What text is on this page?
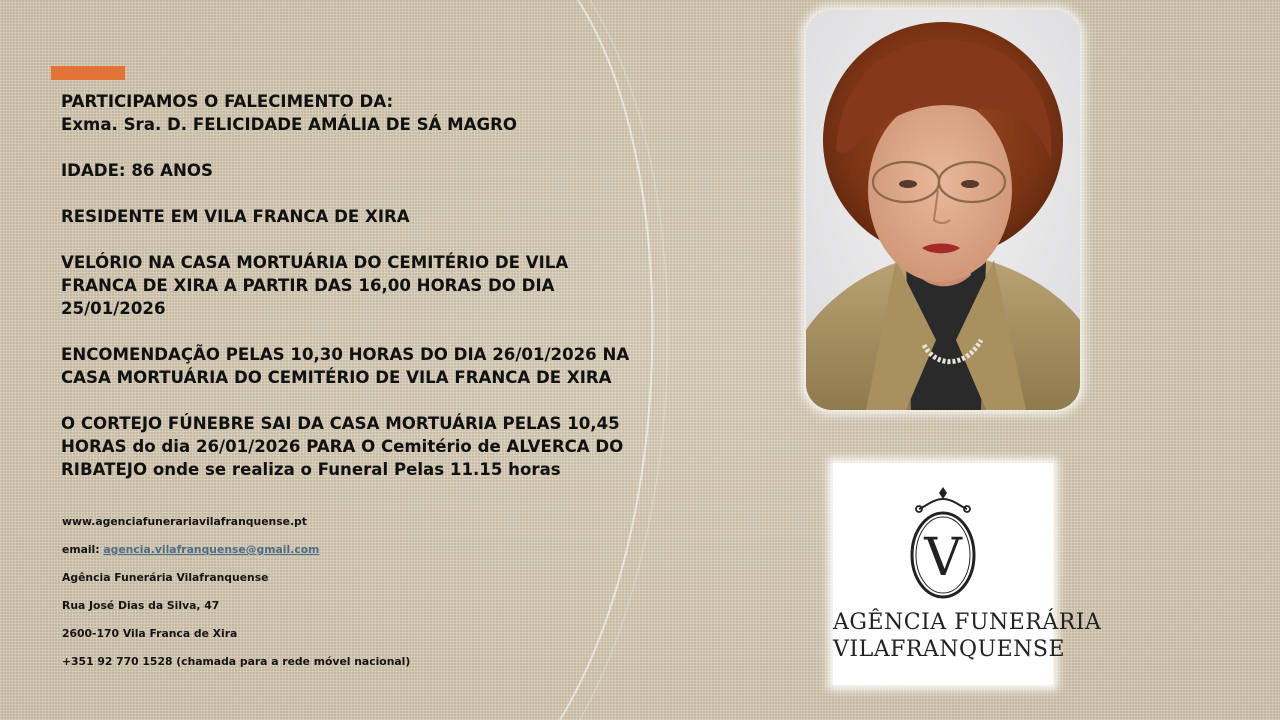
PARTICIPAMOS O FALECIMENTO DA:
Exma. Sra. D. FELICIDADE AMÁLIA DE SÁ MAGRO

IDADE: 86 ANOS

RESIDENTE EM VILA FRANCA DE XIRA

VELÓRIO NA CASA MORTUÁRIA DO CEMITÉRIO DE VILA
FRANCA DE XIRA A PARTIR DAS 16,00 HORAS DO DIA
25/01/2026

ENCOMENDAÇÃO PELAS 10,30 HORAS DO DIA 26/01/2026 NA
CASA MORTUÁRIA DO CEMITÉRIO DE VILA FRANCA DE XIRA

O CORTEJO FÚNEBRE SAI DA CASA MORTUÁRIA PELAS 10,45
HORAS do dia 26/01/2026 PARA O Cemitério de ALVERCA DO
RIBATEJO onde se realiza o Funeral Pelas 11.15 horas

www.agenciafunerariavilafranquense.pt
email: agencia.vilafranquense@gmail.com
Agência Funerária Vilafranquense
Rua José Dias da Silva, 47
2600-170 Vila Franca de Xira
+351 92 770 1528 (chamada para a rede móvel nacional)
V
AGÊNCIA FUNERÁRIA
VILAFRANQUENSE
